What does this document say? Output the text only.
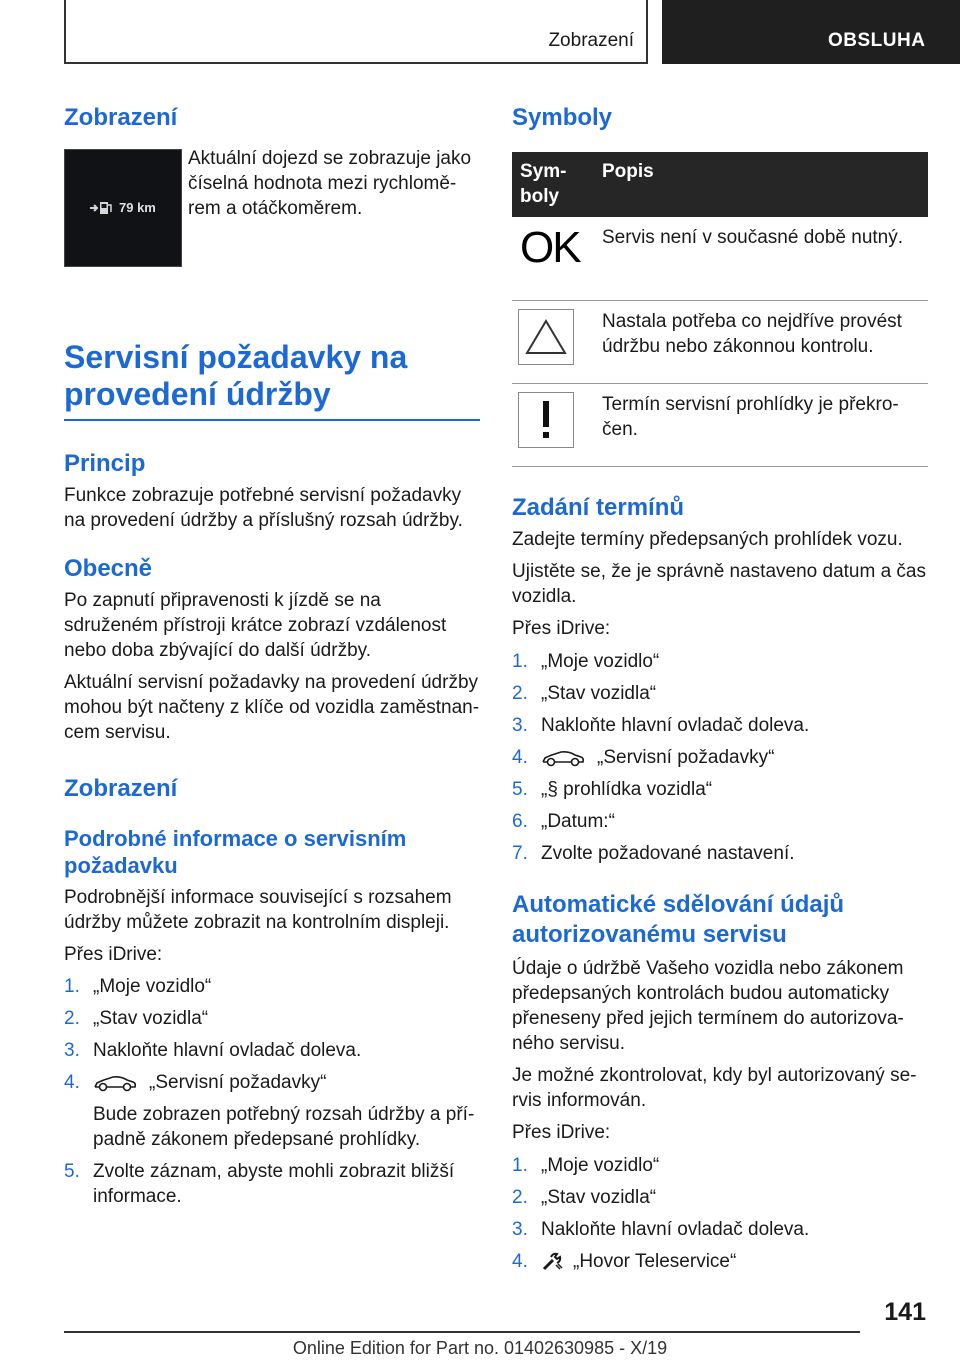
Zobrazení	OBSLUHA
Zobrazení
79 km

Aktuální dojezd se zobrazuje jako číselná hodnota mezi rychloměrem a otáčkoměrem.

Servisní požadavky na provedení údržby
Princip

Funkce zobrazuje potřebné servisní požadavky na provedení údržby a příslušný rozsah údržby.

Obecně

Po zapnutí připravenosti k jízdě se na sdruženém přístroji krátce zobrazí vzdálenost nebo doba zbývající do další údržby.

Aktuální servisní požadavky na provedení údržby mohou být načteny z klíče od vozidla zaměstnancem servisu.

Zobrazení
Podrobné informace o servisním požadavku

Podrobnější informace související s rozsahem údržby můžete zobrazit na kontrolním displeji.

Přes iDrive:

1. „Moje vozidlo“
2. „Stav vozidla“
3. Nakloňte hlavní ovladač doleva.
4.	„Servisní požadavky“
Bude zobrazen potřebný rozsah údržby a případně zákonem předepsané prohlídky.
5. Zvolte záznam, abyste mohli zobrazit bližší informace.
Symboly
Symboly	Popis
OK	Servis není v současné době nutný.
	Nastala potřeba co nejdříve provést údržbu nebo zákonnou kontrolu.
	Termín servisní prohlídky je překročen.
Zadání termínů

Zadejte termíny předepsaných prohlídek vozu.

Ujistěte se, že je správně nastaveno datum a čas vozidla.

Přes iDrive:

1. „Moje vozidlo“
2. „Stav vozidla“
3. Nakloňte hlavní ovladač doleva.
4.	„Servisní požadavky“
5. „§ prohlídka vozidla“
6. „Datum:“
7. Zvolte požadované nastavení.
Automatické sdělování údajů autorizovanému servisu

Údaje o údržbě Vašeho vozidla nebo zákonem předepsaných kontrolách budou automaticky přeneseny před jejich termínem do autorizovaného servisu.

Je možné zkontrolovat, kdy byl autorizovaný servis informován.

Přes iDrive:

1. „Moje vozidlo“
2. „Stav vozidla“
3. Nakloňte hlavní ovladač doleva.
4. „Hovor Teleservice“
141
Online Edition for Part no. 01402630985 - X/19
